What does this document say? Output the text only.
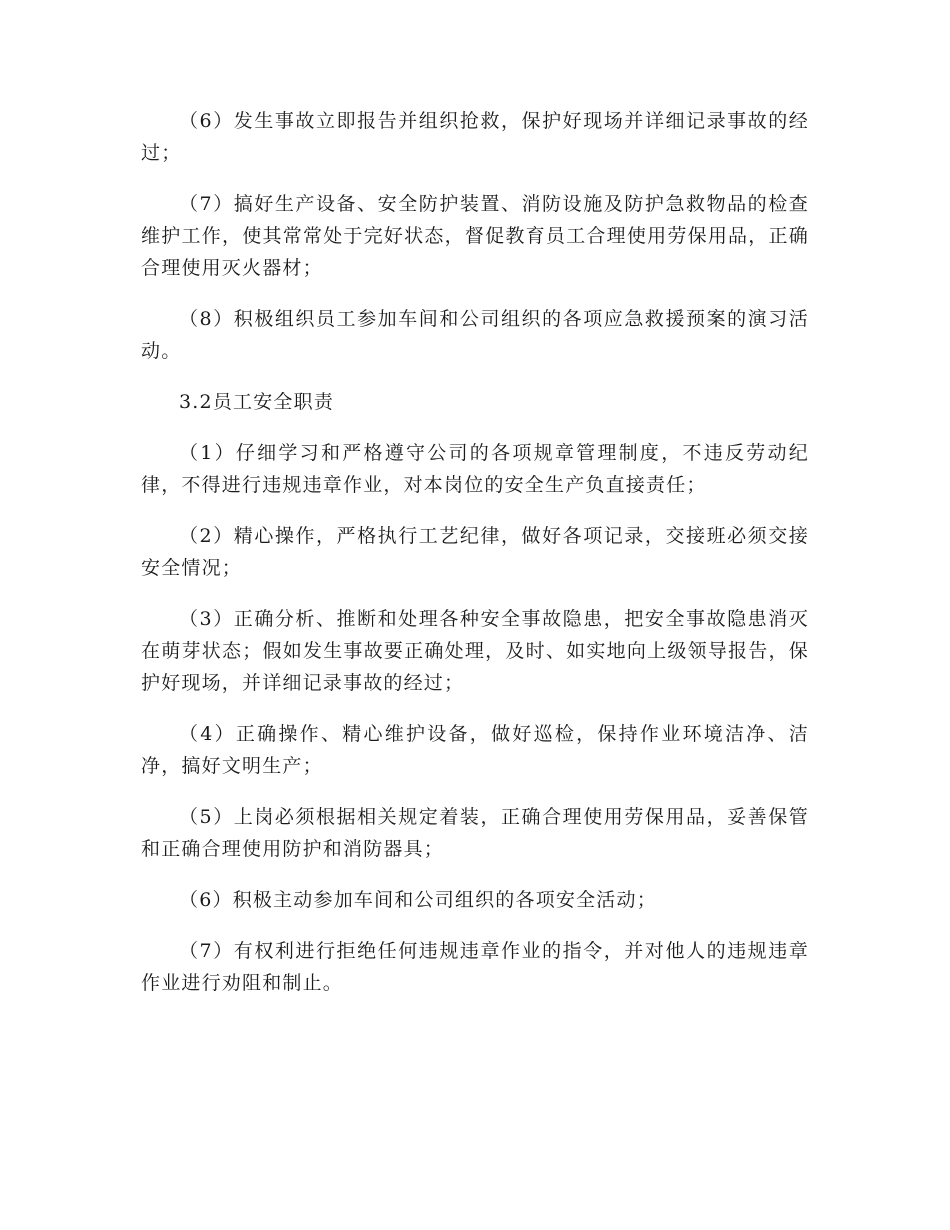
（6）发生事故立即报告并组织抢救，保护好现场并详细记录事故的经过；

（7）搞好生产设备、安全防护装置、消防设施及防护急救物品的检查维护工作，使其常常处于完好状态，督促教育员工合理使用劳保用品，正确合理使用灭火器材；

（8）积极组织员工参加车间和公司组织的各项应急救援预案的演习活动。

3.2员工安全职责

（1）仔细学习和严格遵守公司的各项规章管理制度，不违反劳动纪律，不得进行违规违章作业，对本岗位的安全生产负直接责任；

（2）精心操作，严格执行工艺纪律，做好各项记录，交接班必须交接安全情况；

（3）正确分析、推断和处理各种安全事故隐患，把安全事故隐患消灭在萌芽状态；假如发生事故要正确处理，及时、如实地向上级领导报告，保护好现场，并详细记录事故的经过；

（4）正确操作、精心维护设备，做好巡检，保持作业环境洁净、洁净，搞好文明生产；

（5）上岗必须根据相关规定着装，正确合理使用劳保用品，妥善保管和正确合理使用防护和消防器具；

（6）积极主动参加车间和公司组织的各项安全活动；

（7）有权利进行拒绝任何违规违章作业的指令，并对他人的违规违章作业进行劝阻和制止。
